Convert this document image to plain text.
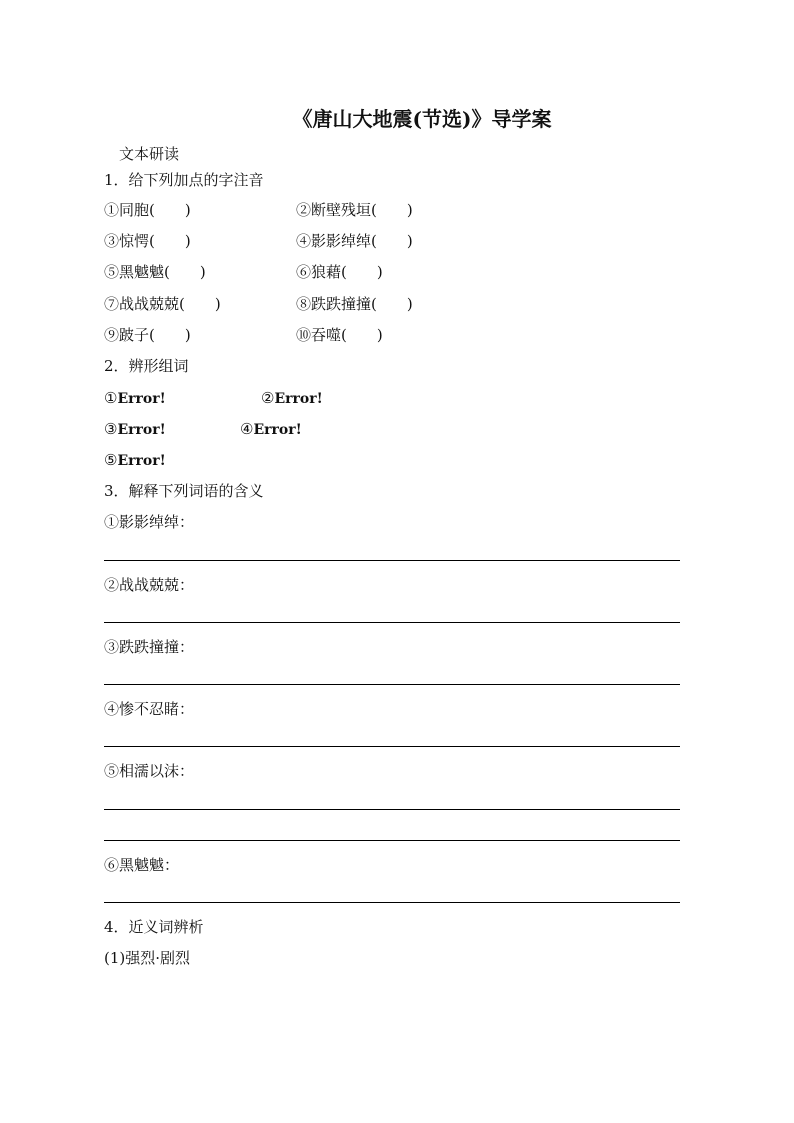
《唐山大地震(节选)》导学案
文本研读
1．给下列加点的字注音
①同胞(　　)	②断壁残垣(　　)
③惊愕(　　)	④影影绰绰(　　)
⑤黑魆魆(　　)	⑥狼藉(　　)
⑦战战兢兢(　　)	⑧跌跌撞撞(　　)
⑨跛子(　　)	⑩吞噬(　　)
2．辨形组词
①Error!	②Error!
③Error!	④Error!
⑤Error!
3．解释下列词语的含义
①影影绰绰：
②战战兢兢：
③跌跌撞撞：
④惨不忍睹：
⑤相濡以沫：
⑥黑魆魆：
4．近义词辨析
(1)强烈·剧烈
